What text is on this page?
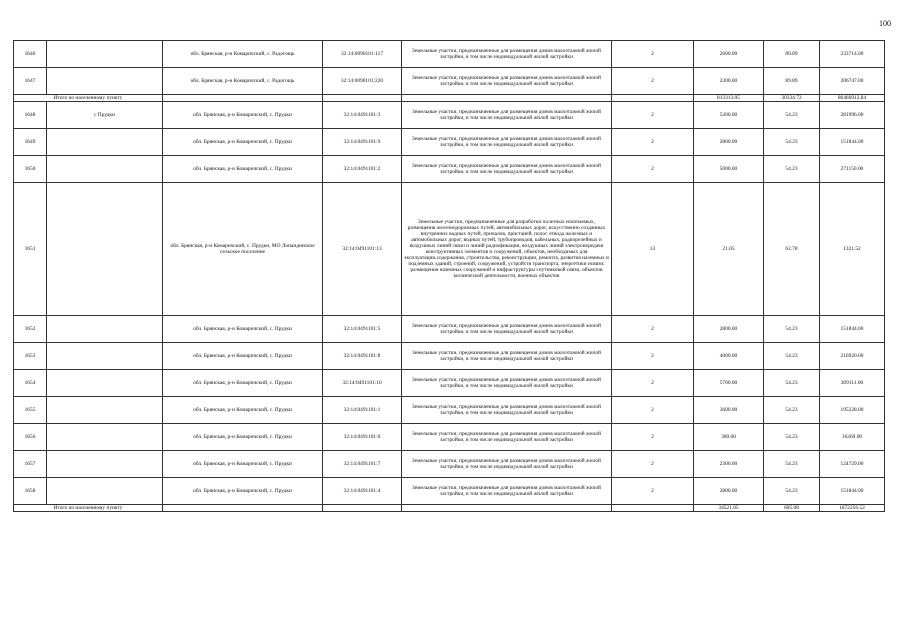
100
1646		обл. Брянская, р-н Комаричский, с. Радогощь	32:14:0090101:117	Земельные участки, предназначенные для размещения домов малоэтажной жилой застройки, в том числе индивидуальной жилой застройки	2	2600.00	89.89	233714.00
1647		обл. Брянская, р-н Комаричский, с. Радогощь	32:14:0090101:220	Земельные участки, предназначенные для размещения домов малоэтажной жилой застройки, в том числе индивидуальной жилой застройки	2	2300.00	89.89	206747.00
Итого по населенному пункту						813313.05	30334.72	86466912.84
1648	с Прудки	обл. Брянская, р-н Комаричский, с. Прудки	32:14:0491101:3	Земельные участки, предназначенные для размещения домов малоэтажной жилой застройки, в том числе индивидуальной жилой застройки	2	5200.00	54.23	281996.00
1649		обл. Брянская, р-н Комаричский, с. Прудки	32:14:0491101:9	Земельные участки, предназначенные для размещения домов малоэтажной жилой застройки, в том числе индивидуальной жилой застройки	2	2800.00	54.23	151844.00
1650		обл. Брянская, р-н Комаричский, с. Прудки	32:14:0491101:2	Земельные участки, предназначенные для размещения домов малоэтажной жилой застройки, в том числе индивидуальной жилой застройки	2	5000.00	54.23	271150.00
1651		обл. Брянская, р-н Комаричский, с. Прудки, МО Лопандинское сельское поселение	32:14:0491101:13	Земельные участки, предназначенные для разработки полезных ископаемых, размещения железнодорожных путей, автомобильных дорог, искусственно созданных внутренних водных путей, причалов, пристаней, полос отвода железных и автомобильных дорог, водных путей, трубопроводов, кабельных, радиорелейных и воздушных линий связи и линий радиофикации, воздушных линий электропередачи конструктивных элементов и сооружений, объектов, необходимых для эксплуатации,содержания, строительства, реконструкции, ремонта, развития наземных и подземных зданий, строений, сооружений, устройств транспорта, энергетики исвязи; размещения наземных сооружений и инфраструктуры спутниковой связи, объектов космической деятельности, военных объектов	13	21.05	62.78	1321.52
1652		обл. Брянская, р-н Комаричский, с. Прудки	32:14:0491101:5	Земельные участки, предназначенные для размещения домов малоэтажной жилой застройки, в том числе индивидуальной жилой застройки	2	2800.00	54.23	151844.00
1653		обл. Брянская, р-н Комаричский, с. Прудки	32:14:0491101:8	Земельные участки, предназначенные для размещения домов малоэтажной жилой застройки, в том числе индивидуальной жилой застройки	2	4000.00	54.23	216920.00
1654		обл. Брянская, р-н Комаричский, с. Прудки	32:14:0491101:10	Земельные участки, предназначенные для размещения домов малоэтажной жилой застройки, в том числе индивидуальной жилой застройки	2	5700.00	54.23	309111.00
1655		обл. Брянская, р-н Комаричский, с. Прудки	32:14:0491101:1	Земельные участки, предназначенные для размещения домов малоэтажной жилой застройки, в том числе индивидуальной жилой застройки	2	3600.00	54.23	195228.00
1656		обл. Брянская, р-н Комаричский, с. Прудки	32:14:0491101:6	Земельные участки, предназначенные для размещения домов малоэтажной жилой застройки, в том числе индивидуальной жилой застройки	2	300.00	54.23	16269.00
1657		обл. Брянская, р-н Комаричский, с. Прудки	32:14:0491101:7	Земельные участки, предназначенные для размещения домов малоэтажной жилой застройки, в том числе индивидуальной жилой застройки	2	2300.00	54.23	124729.00
1658		обл. Брянская, р-н Комаричский, с. Прудки	32:14:0491101:4	Земельные участки, предназначенные для размещения домов малоэтажной жилой застройки, в том числе индивидуальной жилой застройки	2	2800.00	54.23	151844.00
Итого по населенному пункту						34521.05	605.08	1872256.52
